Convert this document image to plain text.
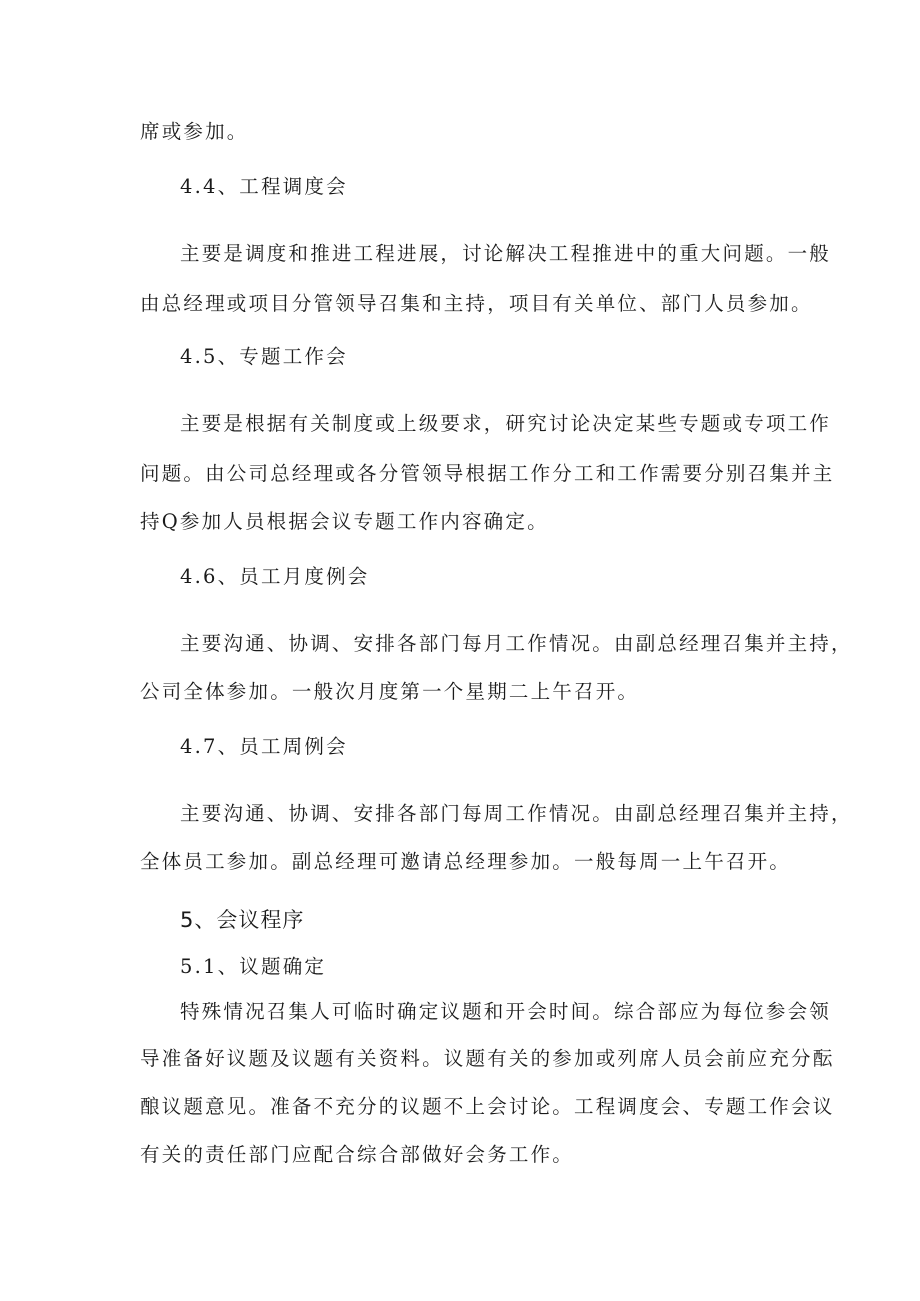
席或参加。
4.4、工程调度会
主要是调度和推进工程进展，讨论解决工程推进中的重大问题。一般
由总经理或项目分管领导召集和主持，项目有关单位、部门人员参加。
4.5、专题工作会
主要是根据有关制度或上级要求，研究讨论决定某些专题或专项工作
问题。由公司总经理或各分管领导根据工作分工和工作需要分别召集并主
持Q参加人员根据会议专题工作内容确定。
4.6、员工月度例会
主要沟通、协调、安排各部门每月工作情况。由副总经理召集并主持，
公司全体参加。一般次月度第一个星期二上午召开。
4.7、员工周例会
主要沟通、协调、安排各部门每周工作情况。由副总经理召集并主持，
全体员工参加。副总经理可邀请总经理参加。一般每周一上午召开。
5、会议程序
5.1、议题确定
特殊情况召集人可临时确定议题和开会时间。综合部应为每位参会领
导准备好议题及议题有关资料。议题有关的参加或列席人员会前应充分酝
酿议题意见。准备不充分的议题不上会讨论。工程调度会、专题工作会议
有关的责任部门应配合综合部做好会务工作。
